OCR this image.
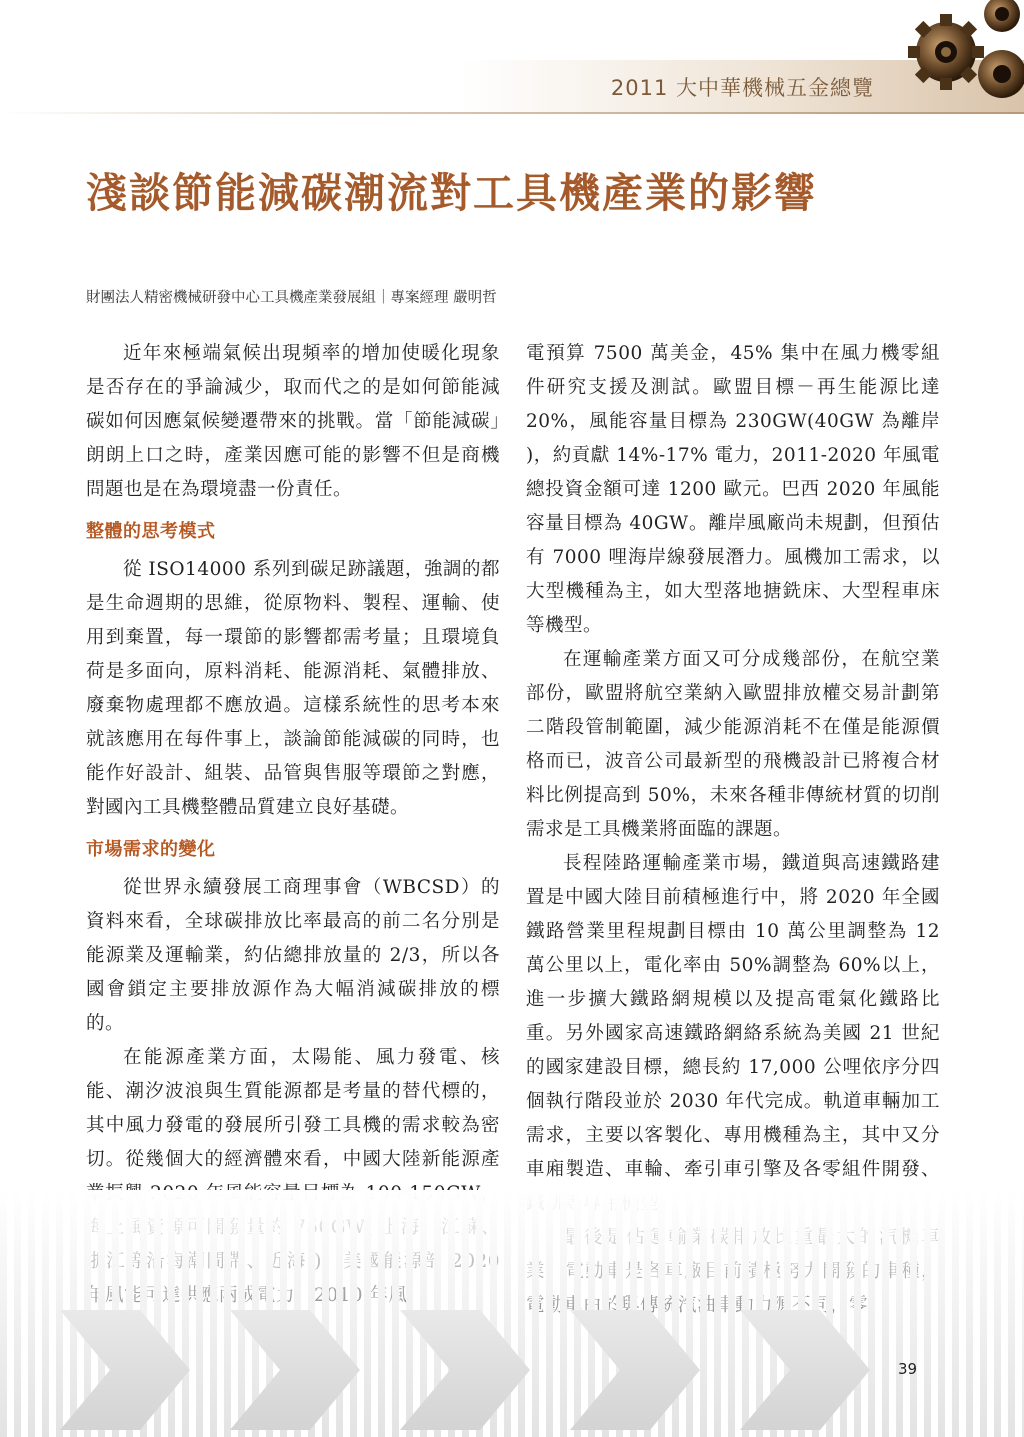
2011 大中華機械五金總覽
淺談節能減碳潮流對工具機產業的影響
財團法人精密機械研發中心工具機產業發展組｜專案經理 嚴明哲

近年來極端氣候出現頻率的增加使暖化現象是否存在的爭論減少，取而代之的是如何節能減碳如何因應氣候變遷帶來的挑戰。當「節能減碳」朗朗上口之時，產業因應可能的影響不但是商機問題也是在為環境盡一份責任。

整體的思考模式

從 ISO14000 系列到碳足跡議題，強調的都是生命週期的思維，從原物料、製程、運輸、使用到棄置，每一環節的影響都需考量；且環境負荷是多面向，原料消耗、能源消耗、氣體排放、廢棄物處理都不應放過。這樣系統性的思考本來就該應用在每件事上，談論節能減碳的同時，也能作好設計、組裝、品管與售服等環節之對應，對國內工具機整體品質建立良好基礎。

市場需求的變化

從世界永續發展工商理事會（WBCSD）的資料來看，全球碳排放比率最高的前二名分別是能源業及運輸業，約佔總排放量的 2/3，所以各國會鎖定主要排放源作為大幅消減碳排放的標的。

在能源產業方面，太陽能、風力發電、核能、潮汐波浪與生質能源都是考量的替代標的，其中風力發電的發展所引發工具機的需求較為密切。從幾個大的經濟體來看，中國大陸新能源產

電預算 7500 萬美金，45% 集中在風力機零組件研究支援及測試。歐盟目標－再生能源比達 20%，風能容量目標為 230GW(40GW 為離岸 )，約貢獻 14%-17% 電力，2011-2020 年風電總投資金額可達 1200 歐元。巴西 2020 年風能容量目標為 40GW。離岸風廠尚未規劃，但預估有 7000 哩海岸線發展潛力。風機加工需求，以大型機種為主，如大型落地搪銑床、大型程車床等機型。

在運輸產業方面又可分成幾部份，在航空業部份，歐盟將航空業納入歐盟排放權交易計劃第二階段管制範圍，減少能源消耗不在僅是能源價格而已，波音公司最新型的飛機設計已將複合材料比例提高到 50%，未來各種非傳統材質的切削需求是工具機業將面臨的課題。

長程陸路運輸產業市場，鐵道與高速鐵路建置是中國大陸目前積極進行中，將 2020 年全國鐵路營業里程規劃目標由 10 萬公里調整為 12 萬公里以上，電化率由 50%調整為 60%以上，進一步擴大鐵路網規模以及提高電氣化鐵路比重。另外國家高速鐵路網絡系統為美國 21 世紀的國家建設目標，總長約 17,000 公哩依序分四個執行階段並於 2030 年代完成。軌道車輛加工需求，主要以客製化、專用機種為主，其中又分車廂製造、車輪、牽引車引擎及各零組件開發、

39
